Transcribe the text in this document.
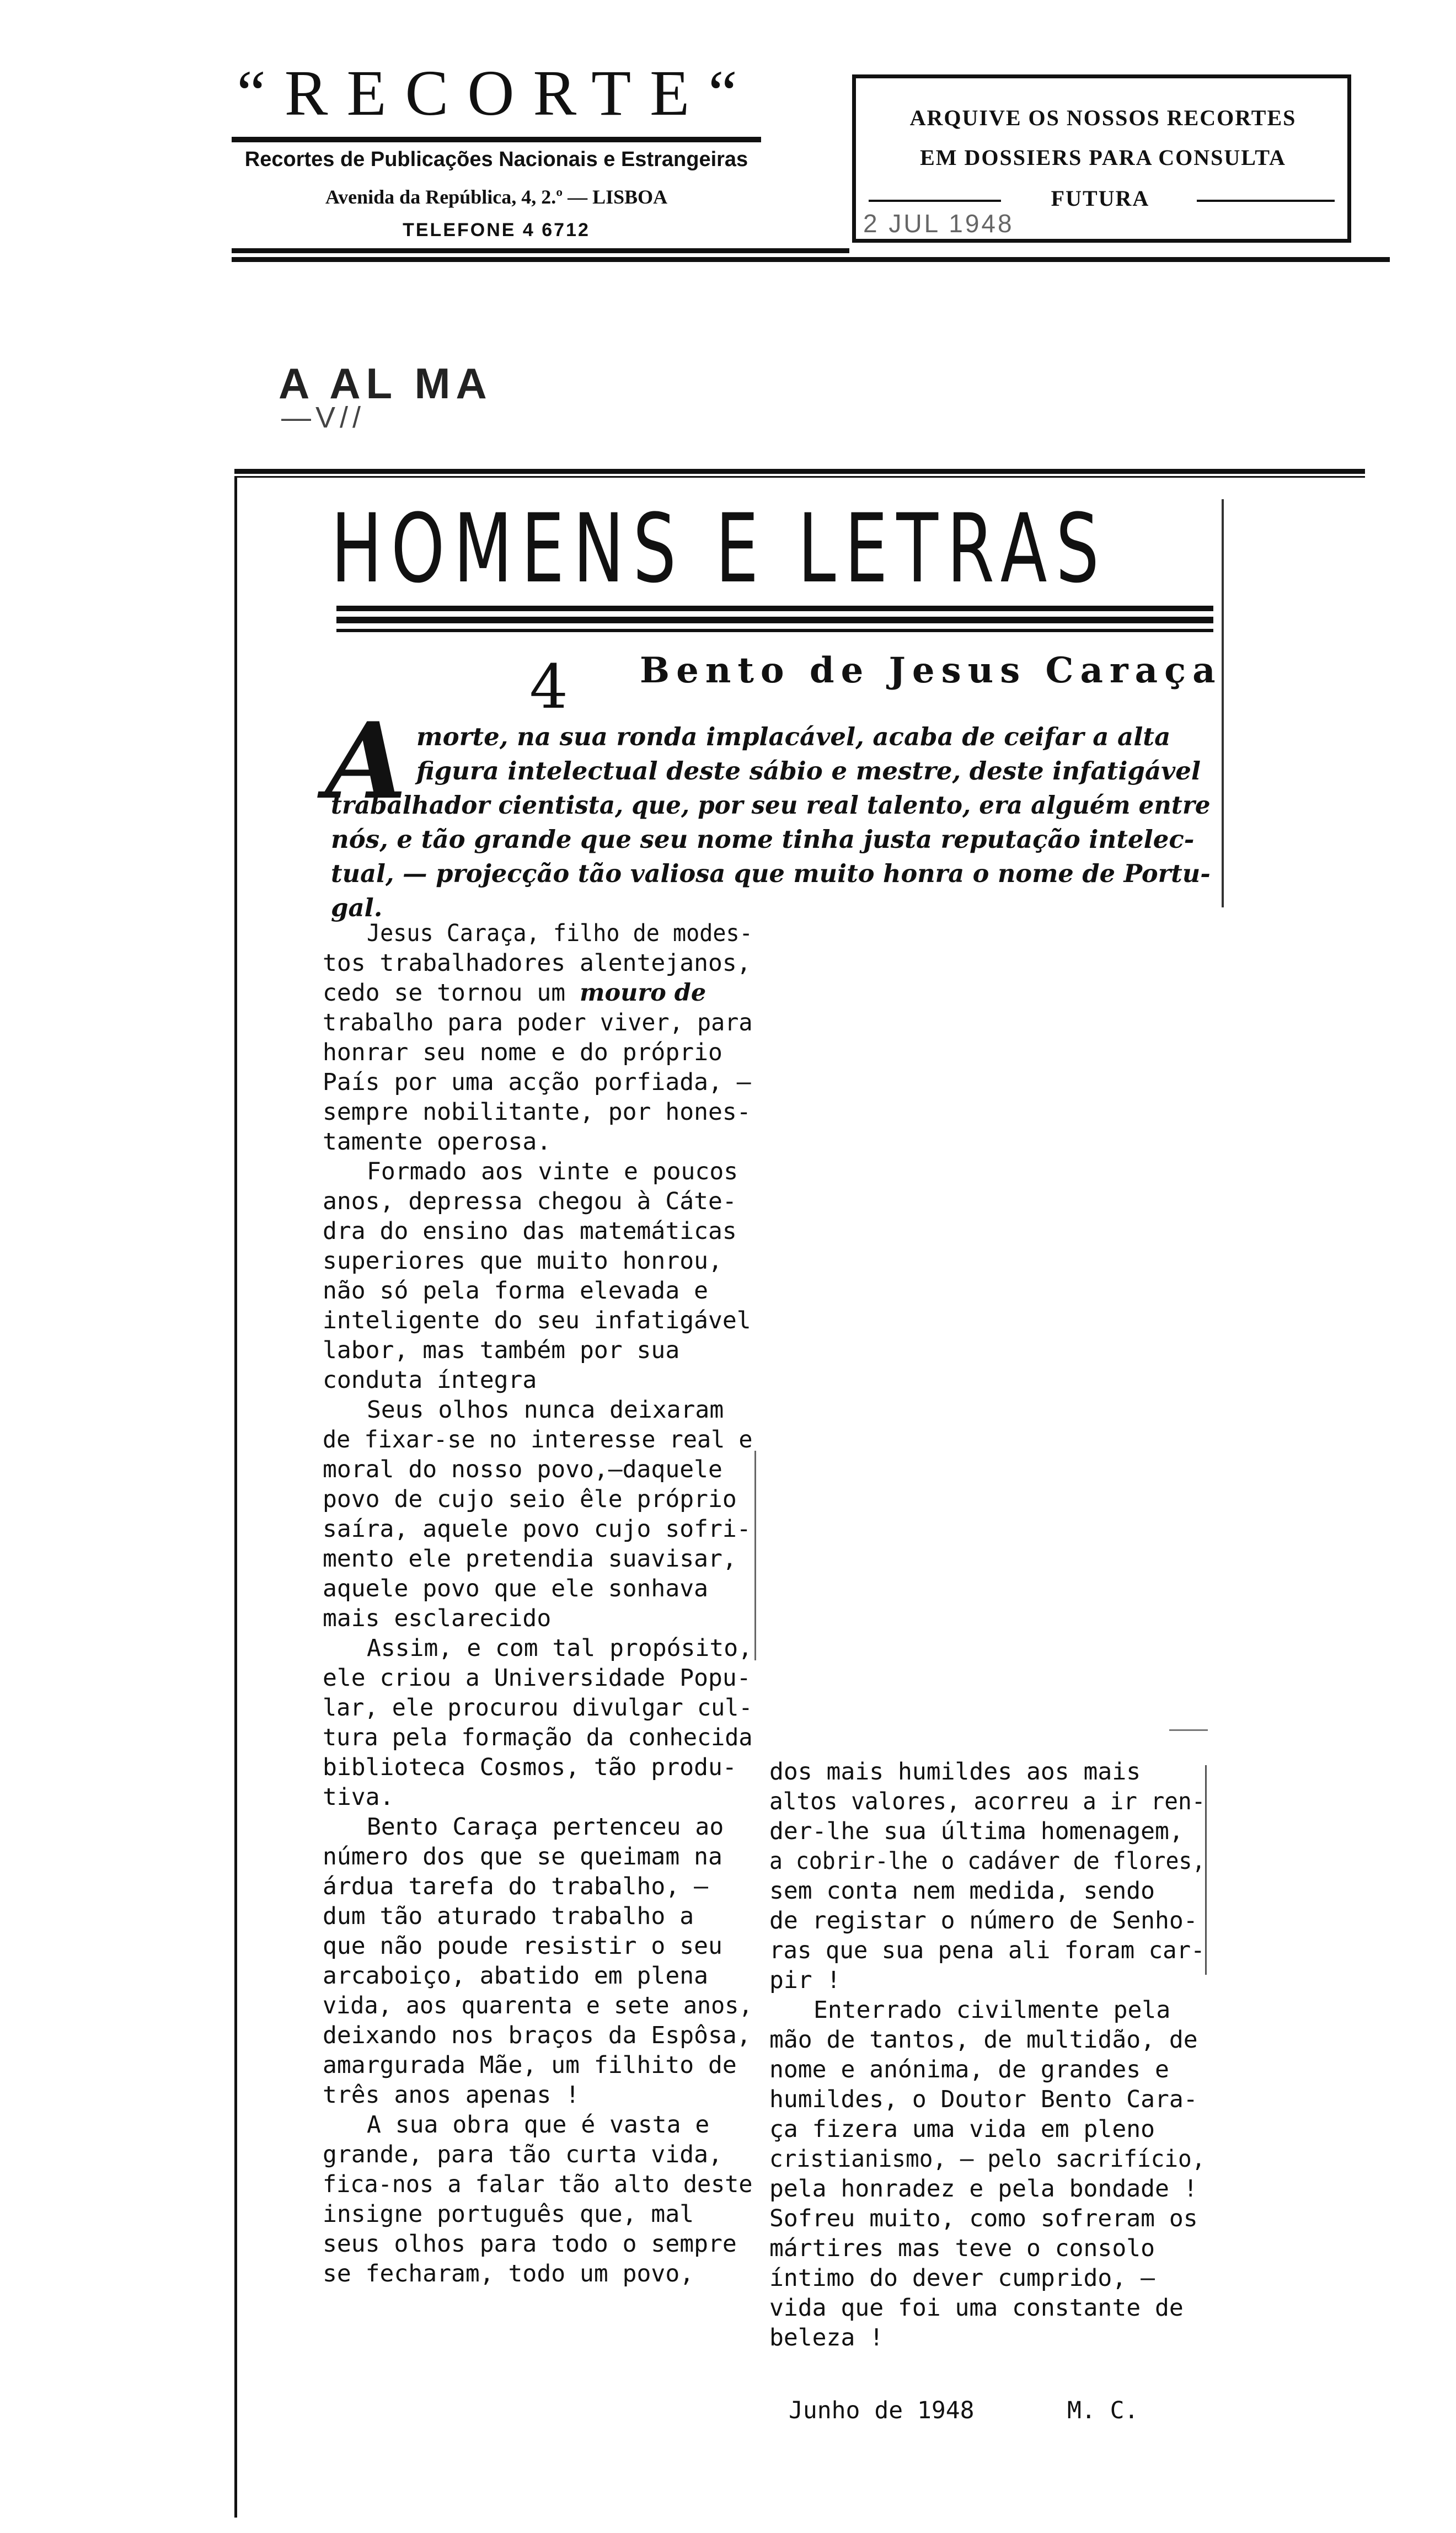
“RECORTE“
Recortes de Publicações Nacionais e Estrangeiras
Avenida da República, 4, 2.º — LISBOA
TELEFONE 4 6712
ARQUIVE OS NOSSOS RECORTES
EM DOSSIERS PARA CONSULTA
FUTURA
2 JUL 1948
A AL MA
—V//
HOMENS E LETRAS
4 Bento de Jesus Caraça
A morte, na sua ronda implacável, acaba de ceifar a alta
figura intelectual deste sábio e mestre, deste infatigável
trabalhador cientista, que, por seu real talento, era alguém entre
nós, e tão grande que seu nome tinha justa reputação intelec-
tual, — projecção tão valiosa que muito honra o nome de Portu-
gal.
Jesus Caraça, filho de modes-
tos trabalhadores alentejanos,
cedo se tornou um mouro de
trabalho para poder viver, para
honrar seu nome e do próprio
País por uma acção porfiada, —
sempre nobilitante, por hones-
tamente operosa.
Formado aos vinte e poucos
anos, depressa chegou à Cáte-
dra do ensino das matemáticas
superiores que muito honrou,
não só pela forma elevada e
inteligente do seu infatigável
labor, mas também por sua
conduta íntegra
Seus olhos nunca deixaram
de fixar-se no interesse real e
moral do nosso povo,—daquele
povo de cujo seio êle próprio
saíra, aquele povo cujo sofri-
mento ele pretendia suavisar,
aquele povo que ele sonhava
mais esclarecido
Assim, e com tal propósito,
ele criou a Universidade Popu-
lar, ele procurou divulgar cul-
tura pela formação da conhecida
biblioteca Cosmos, tão produ-
tiva.
Bento Caraça pertenceu ao
número dos que se queimam na
árdua tarefa do trabalho, —
dum tão aturado trabalho a
que não poude resistir o seu
arcaboiço, abatido em plena
vida, aos quarenta e sete anos,
deixando nos braços da Espôsa,
amargurada Mãe, um filhito de
três anos apenas !
A sua obra que é vasta e
grande, para tão curta vida,
fica-nos a falar tão alto deste
insigne português que, mal
seus olhos para todo o sempre
se fecharam, todo um povo,
dos mais humildes aos mais
altos valores, acorreu a ir ren-
der-lhe sua última homenagem,
a cobrir-lhe o cadáver de flores,
sem conta nem medida, sendo
de registar o número de Senho-
ras que sua pena ali foram car-
pir !
Enterrado civilmente pela
mão de tantos, de multidão, de
nome e anónima, de grandes e
humildes, o Doutor Bento Cara-
ça fizera uma vida em pleno
cristianismo, — pelo sacrifício,
pela honradez e pela bondade !
Sofreu muito, como sofreram os
mártires mas teve o consolo
íntimo do dever cumprido, —
vida que foi uma constante de
beleza !
Junho de 1948	M. C.
